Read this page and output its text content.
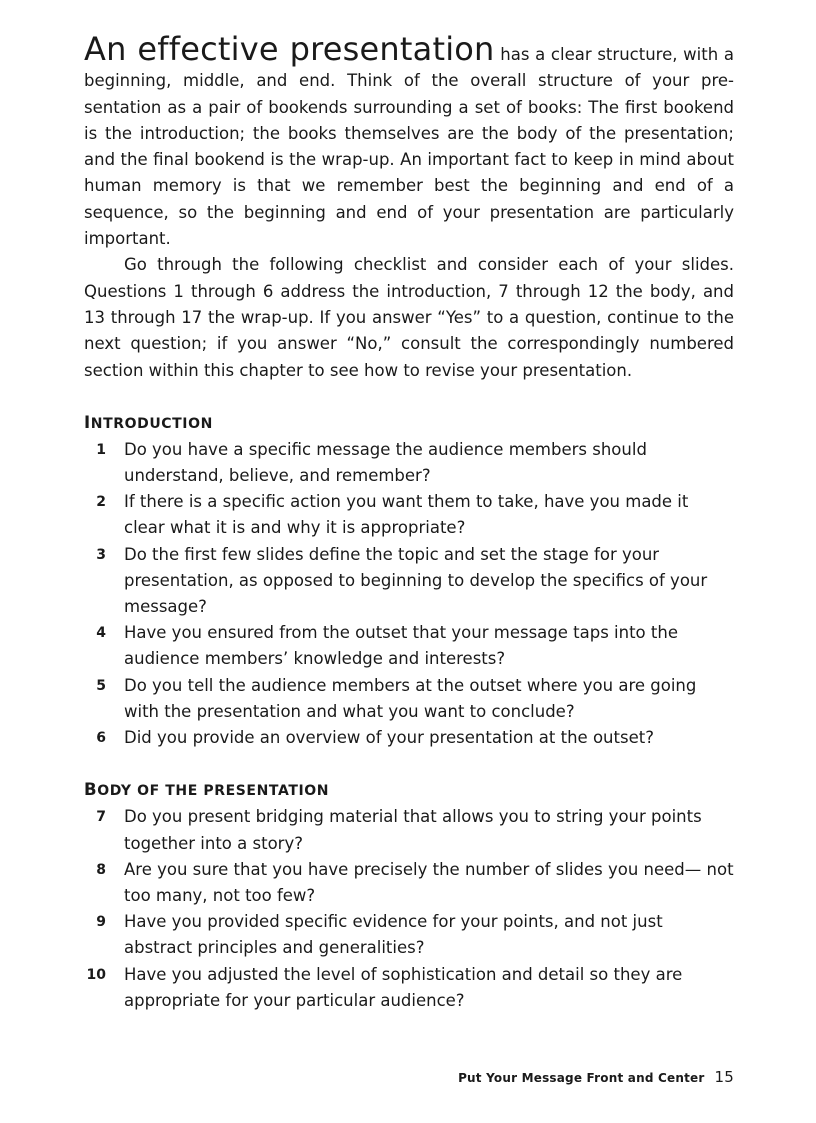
An effective presentation has a clear structure, with a beginning, middle, and end. Think of the overall structure of your presentation as a pair of bookends surrounding a set of books: The first bookend is the introduction; the books themselves are the body of the presentation; and the final bookend is the wrap-up. An important fact to keep in mind about human memory is that we remember best the beginning and end of a sequence, so the beginning and end of your presentation are particularly important.

Go through the following checklist and consider each of your slides. Questions 1 through 6 address the introduction, 7 through 12 the body, and 13 through 17 the wrap-up. If you answer “Yes” to a question, continue to the next question; if you answer “No,” consult the correspondingly numbered section within this chapter to see how to revise your presentation.

INTRODUCTION
1 Do you have a specific message the audience members should understand, believe, and remember?
2 If there is a specific action you want them to take, have you made it clear what it is and why it is appropriate?
3 Do the first few slides define the topic and set the stage for your presentation, as opposed to beginning to develop the specifics of your message?
4 Have you ensured from the outset that your message taps into the audience members’ knowledge and interests?
5 Do you tell the audience members at the outset where you are going with the presentation and what you want to conclude?
6 Did you provide an overview of your presentation at the outset?
BODY OF THE PRESENTATION
7 Do you present bridging material that allows you to string your points together into a story?
8 Are you sure that you have precisely the number of slides you need— not too many, not too few?
9 Have you provided specific evidence for your points, and not just abstract principles and generalities?
10 Have you adjusted the level of sophistication and detail so they are appropriate for your particular audience?
Put Your Message Front and Center 15
